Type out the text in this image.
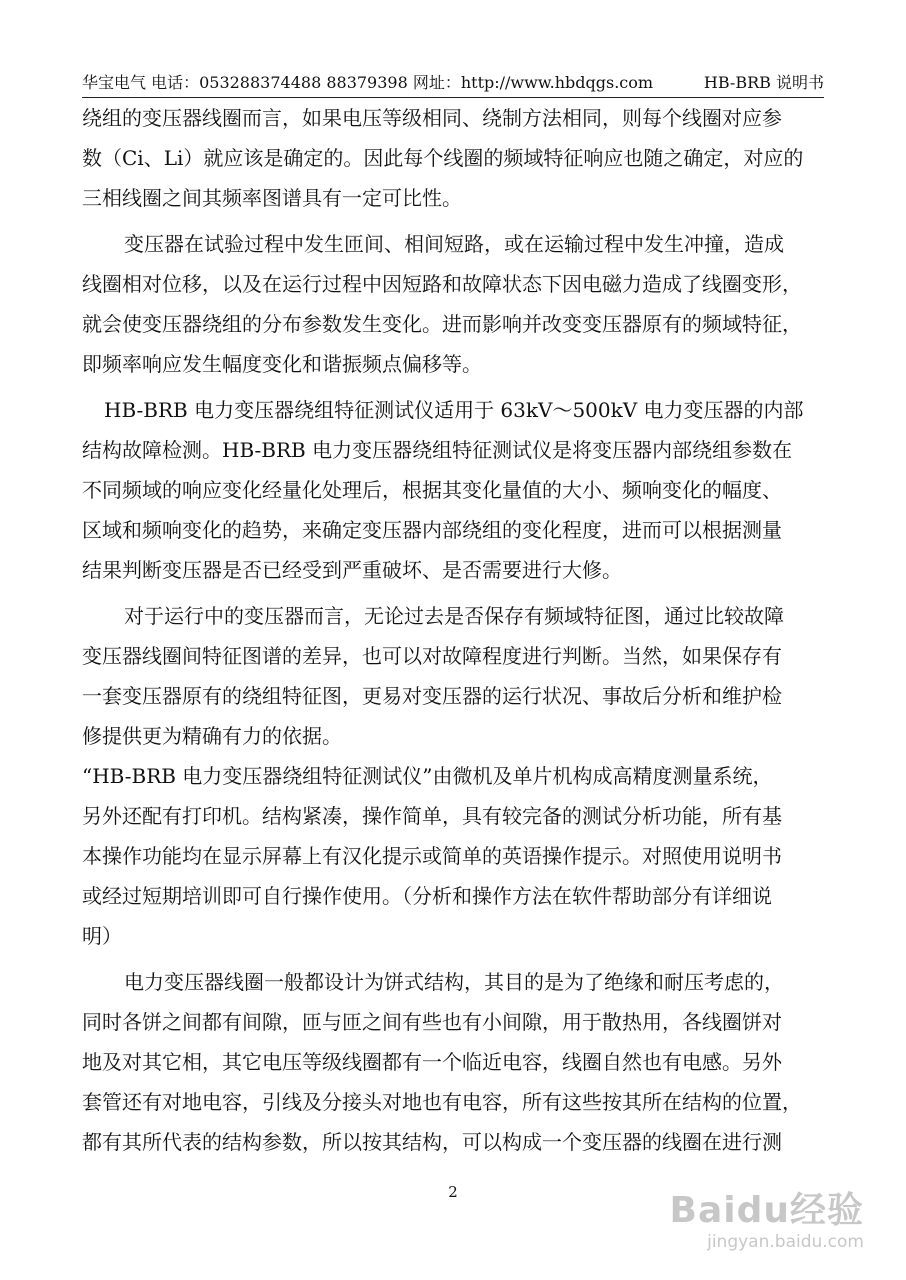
华宝电气 电话：053288374488 88379398 网址：http://www.hbdqgs.com	HB-BRB 说明书
绕组的变压器线圈而言，如果电压等级相同、绕制方法相同，则每个线圈对应参
数（Ci、Li）就应该是确定的。因此每个线圈的频域特征响应也随之确定，对应的
三相线圈之间其频率图谱具有一定可比性。
变压器在试验过程中发生匝间、相间短路，或在运输过程中发生冲撞，造成
线圈相对位移，以及在运行过程中因短路和故障状态下因电磁力造成了线圈变形，
就会使变压器绕组的分布参数发生变化。进而影响并改变变压器原有的频域特征，
即频率响应发生幅度变化和谐振频点偏移等。
HB-BRB 电力变压器绕组特征测试仪适用于 63kV～500kV 电力变压器的内部
结构故障检测。HB-BRB 电力变压器绕组特征测试仪是将变压器内部绕组参数在
不同频域的响应变化经量化处理后，根据其变化量值的大小、频响变化的幅度、
区域和频响变化的趋势，来确定变压器内部绕组的变化程度，进而可以根据测量
结果判断变压器是否已经受到严重破坏、是否需要进行大修。
对于运行中的变压器而言，无论过去是否保存有频域特征图，通过比较故障
变压器线圈间特征图谱的差异，也可以对故障程度进行判断。当然，如果保存有
一套变压器原有的绕组特征图，更易对变压器的运行状况、事故后分析和维护检
修提供更为精确有力的依据。
“HB-BRB 电力变压器绕组特征测试仪”由微机及单片机构成高精度测量系统，
另外还配有打印机。结构紧凑，操作简单，具有较完备的测试分析功能，所有基
本操作功能均在显示屏幕上有汉化提示或简单的英语操作提示。对照使用说明书
或经过短期培训即可自行操作使用。（分析和操作方法在软件帮助部分有详细说
明）
电力变压器线圈一般都设计为饼式结构，其目的是为了绝缘和耐压考虑的，
同时各饼之间都有间隙，匝与匝之间有些也有小间隙，用于散热用，各线圈饼对
地及对其它相，其它电压等级线圈都有一个临近电容，线圈自然也有电感。另外
套管还有对地电容，引线及分接头对地也有电容，所有这些按其所在结构的位置，
都有其所代表的结构参数，所以按其结构，可以构成一个变压器的线圈在进行测
2	Baidu经验
jingyan.baidu.com
